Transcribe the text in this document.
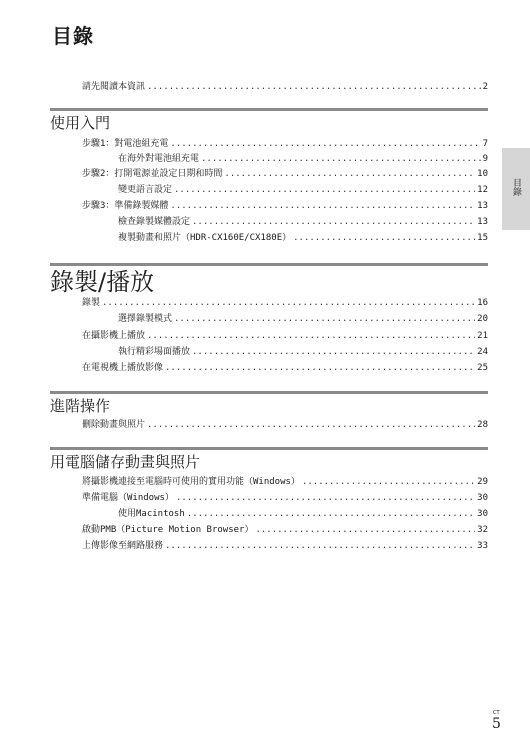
目錄
目錄
請先閱讀本資訊 .....	2
使用入門
步驟1：對電池組充電 .....	7
在海外對電池組充電 .....	9
步驟2：打開電源並設定日期和時間 .....	10
變更語言設定 .....	12
步驟3：準備錄製媒體 .....	13
檢查錄製媒體設定 .....	13
複製動畫和照片（HDR-CX160E/CX180E） .....	15
錄製/播放
錄製 .....	16
選擇錄製模式 .....	20
在攝影機上播放 .....	21
執行精彩場面播放 .....	24
在電視機上播放影像 .....	25
進階操作
刪除動畫與照片 .....	28
用電腦儲存動畫與照片
將攝影機連接至電腦時可使用的實用功能（Windows） .....	29
準備電腦（Windows） .....	30
使用Macintosh .....	30
啟動PMB（Picture Motion Browser） .....	32
上傳影像至網路服務 .....	33
CT
5
